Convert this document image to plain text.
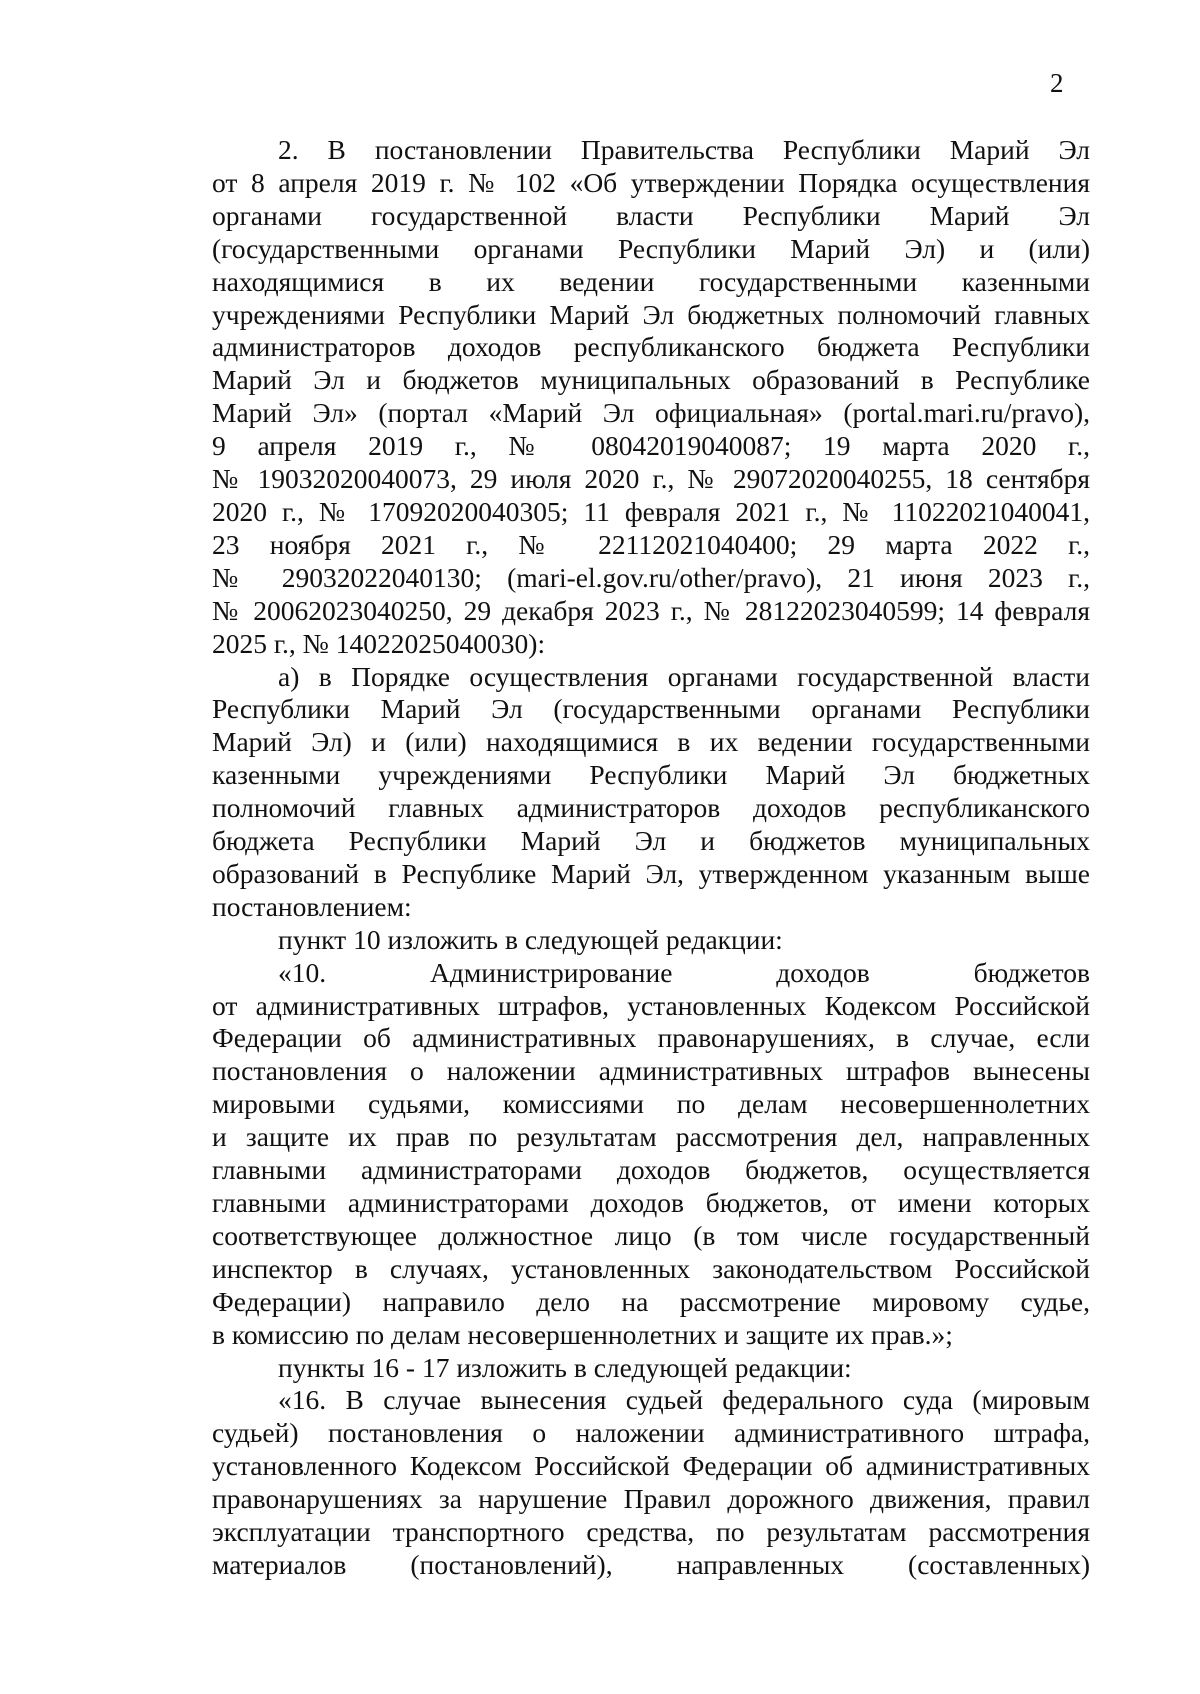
2
2. В постановлении Правительства Республики Марий Эл
от 8 апреля 2019 г. № 102 «Об утверждении Порядка осуществления
органами государственной власти Республики Марий Эл
(государственными органами Республики Марий Эл) и (или)
находящимися в их ведении государственными казенными
учреждениями Республики Марий Эл бюджетных полномочий главных
администраторов доходов республиканского бюджета Республики
Марий Эл и бюджетов муниципальных образований в Республике
Марий Эл» (портал «Марий Эл официальная» (portal.mari.ru/pravo),
9 апреля 2019 г., № 08042019040087; 19 марта 2020 г.,
№ 19032020040073, 29 июля 2020 г., № 29072020040255, 18 сентября
2020 г., № 17092020040305; 11 февраля 2021 г., № 11022021040041,
23 ноября 2021 г., № 22112021040400; 29 марта 2022 г.,
№ 29032022040130; (mari-el.gov.ru/other/pravo), 21 июня 2023 г.,
№ 20062023040250, 29 декабря 2023 г., № 28122023040599; 14 февраля
2025 г., № 14022025040030):
а) в Порядке осуществления органами государственной власти
Республики Марий Эл (государственными органами Республики
Марий Эл) и (или) находящимися в их ведении государственными
казенными учреждениями Республики Марий Эл бюджетных
полномочий главных администраторов доходов республиканского
бюджета Республики Марий Эл и бюджетов муниципальных
образований в Республике Марий Эл, утвержденном указанным выше
постановлением:
пункт 10 изложить в следующей редакции:
«10. Администрирование доходов бюджетов
от административных штрафов, установленных Кодексом Российской
Федерации об административных правонарушениях, в случае, если
постановления о наложении административных штрафов вынесены
мировыми судьями, комиссиями по делам несовершеннолетних
и защите их прав по результатам рассмотрения дел, направленных
главными администраторами доходов бюджетов, осуществляется
главными администраторами доходов бюджетов, от имени которых
соответствующее должностное лицо (в том числе государственный
инспектор в случаях, установленных законодательством Российской
Федерации) направило дело на рассмотрение мировому судье,
в комиссию по делам несовершеннолетних и защите их прав.»;
пункты 16 - 17 изложить в следующей редакции:
«16. В случае вынесения судьей федерального суда (мировым
судьей) постановления о наложении административного штрафа,
установленного Кодексом Российской Федерации об административных
правонарушениях за нарушение Правил дорожного движения, правил
эксплуатации транспортного средства, по результатам рассмотрения
материалов (постановлений), направленных (составленных)
